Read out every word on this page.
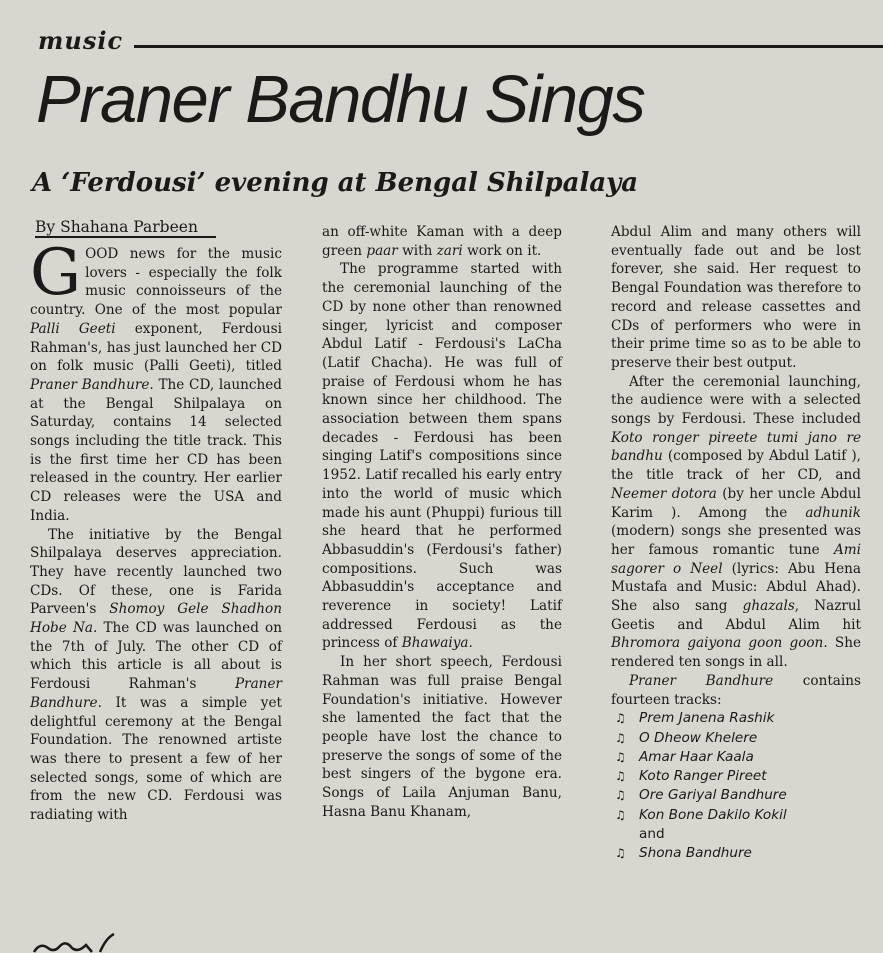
music
Praner Bandhu Sings
A ‘Ferdousi’ evening at Bengal Shilpalaya
By Shahana Parbeen

GOOD news for the music lovers - especially the folk music connoisseurs of the country. One of the most popular Palli Geeti exponent, Ferdousi Rahman's, has just launched her CD on folk music (Palli Geeti), titled Praner Bandhure. The CD, launched at the Bengal Shilpalaya on Saturday, contains 14 selected songs including the title track. This is the first time her CD has been released in the country. Her earlier CD releases were the USA and India.

The initiative by the Bengal Shilpalaya deserves appreciation. They have recently launched two CDs. Of these, one is Farida Parveen's Shomoy Gele Shadhon Hobe Na. The CD was launched on the 7th of July. The other CD of which this article is all about is Ferdousi Rahman's Praner Bandhure. It was a simple yet delightful ceremony at the Bengal Foundation. The renowned artiste was there to present a few of her selected songs, some of which are from the new CD. Ferdousi was radiating with

an off-white Kaman with a deep green paar with zari work on it.

The programme started with the ceremonial launching of the CD by none other than renowned singer, lyricist and composer Abdul Latif - Ferdousi's LaCha (Latif Chacha). He was full of praise of Ferdousi whom he has known since her childhood. The association between them spans decades - Ferdousi has been singing Latif's compositions since 1952. Latif recalled his early entry into the world of music which made his aunt (Phuppi) furious till she heard that he performed Abbasuddin's (Ferdousi's father) compositions. Such was Abbasuddin's acceptance and reverence in society! Latif addressed Ferdousi as the princess of Bhawaiya.

In her short speech, Ferdousi Rahman was full praise Bengal Foundation's initiative. However she lamented the fact that the people have lost the chance to preserve the songs of some of the best singers of the bygone era. Songs of Laila Anjuman Banu, Hasna Banu Khanam,

Abdul Alim and many others will eventually fade out and be lost forever, she said. Her request to Bengal Foundation was therefore to record and release cassettes and CDs of performers who were in their prime time so as to be able to preserve their best output.

After the ceremonial launching, the audience were with a selected songs by Ferdousi. These included Koto ronger pireete tumi jano re bandhu (composed by Abdul Latif ), the title track of her CD, and Neemer dotora (by her uncle Abdul Karim ). Among the adhunik (modern) songs she presented was her famous romantic tune Ami sagorer o Neel (lyrics: Abu Hena Mustafa and Music: Abdul Ahad). She also sang ghazals, Nazrul Geetis and Abdul Alim hit Bhromora gaiyona goon goon. She rendered ten songs in all.

Praner Bandhure contains fourteen tracks:

♫ Prem Janena Rashik
♫ O Dheow Khelere
♫ Amar Haar Kaala
♫ Koto Ranger Pireet
♫ Ore Gariyal Bandhure
♫ Kon Bone Dakilo Kokil
and
♫ Shona Bandhure
